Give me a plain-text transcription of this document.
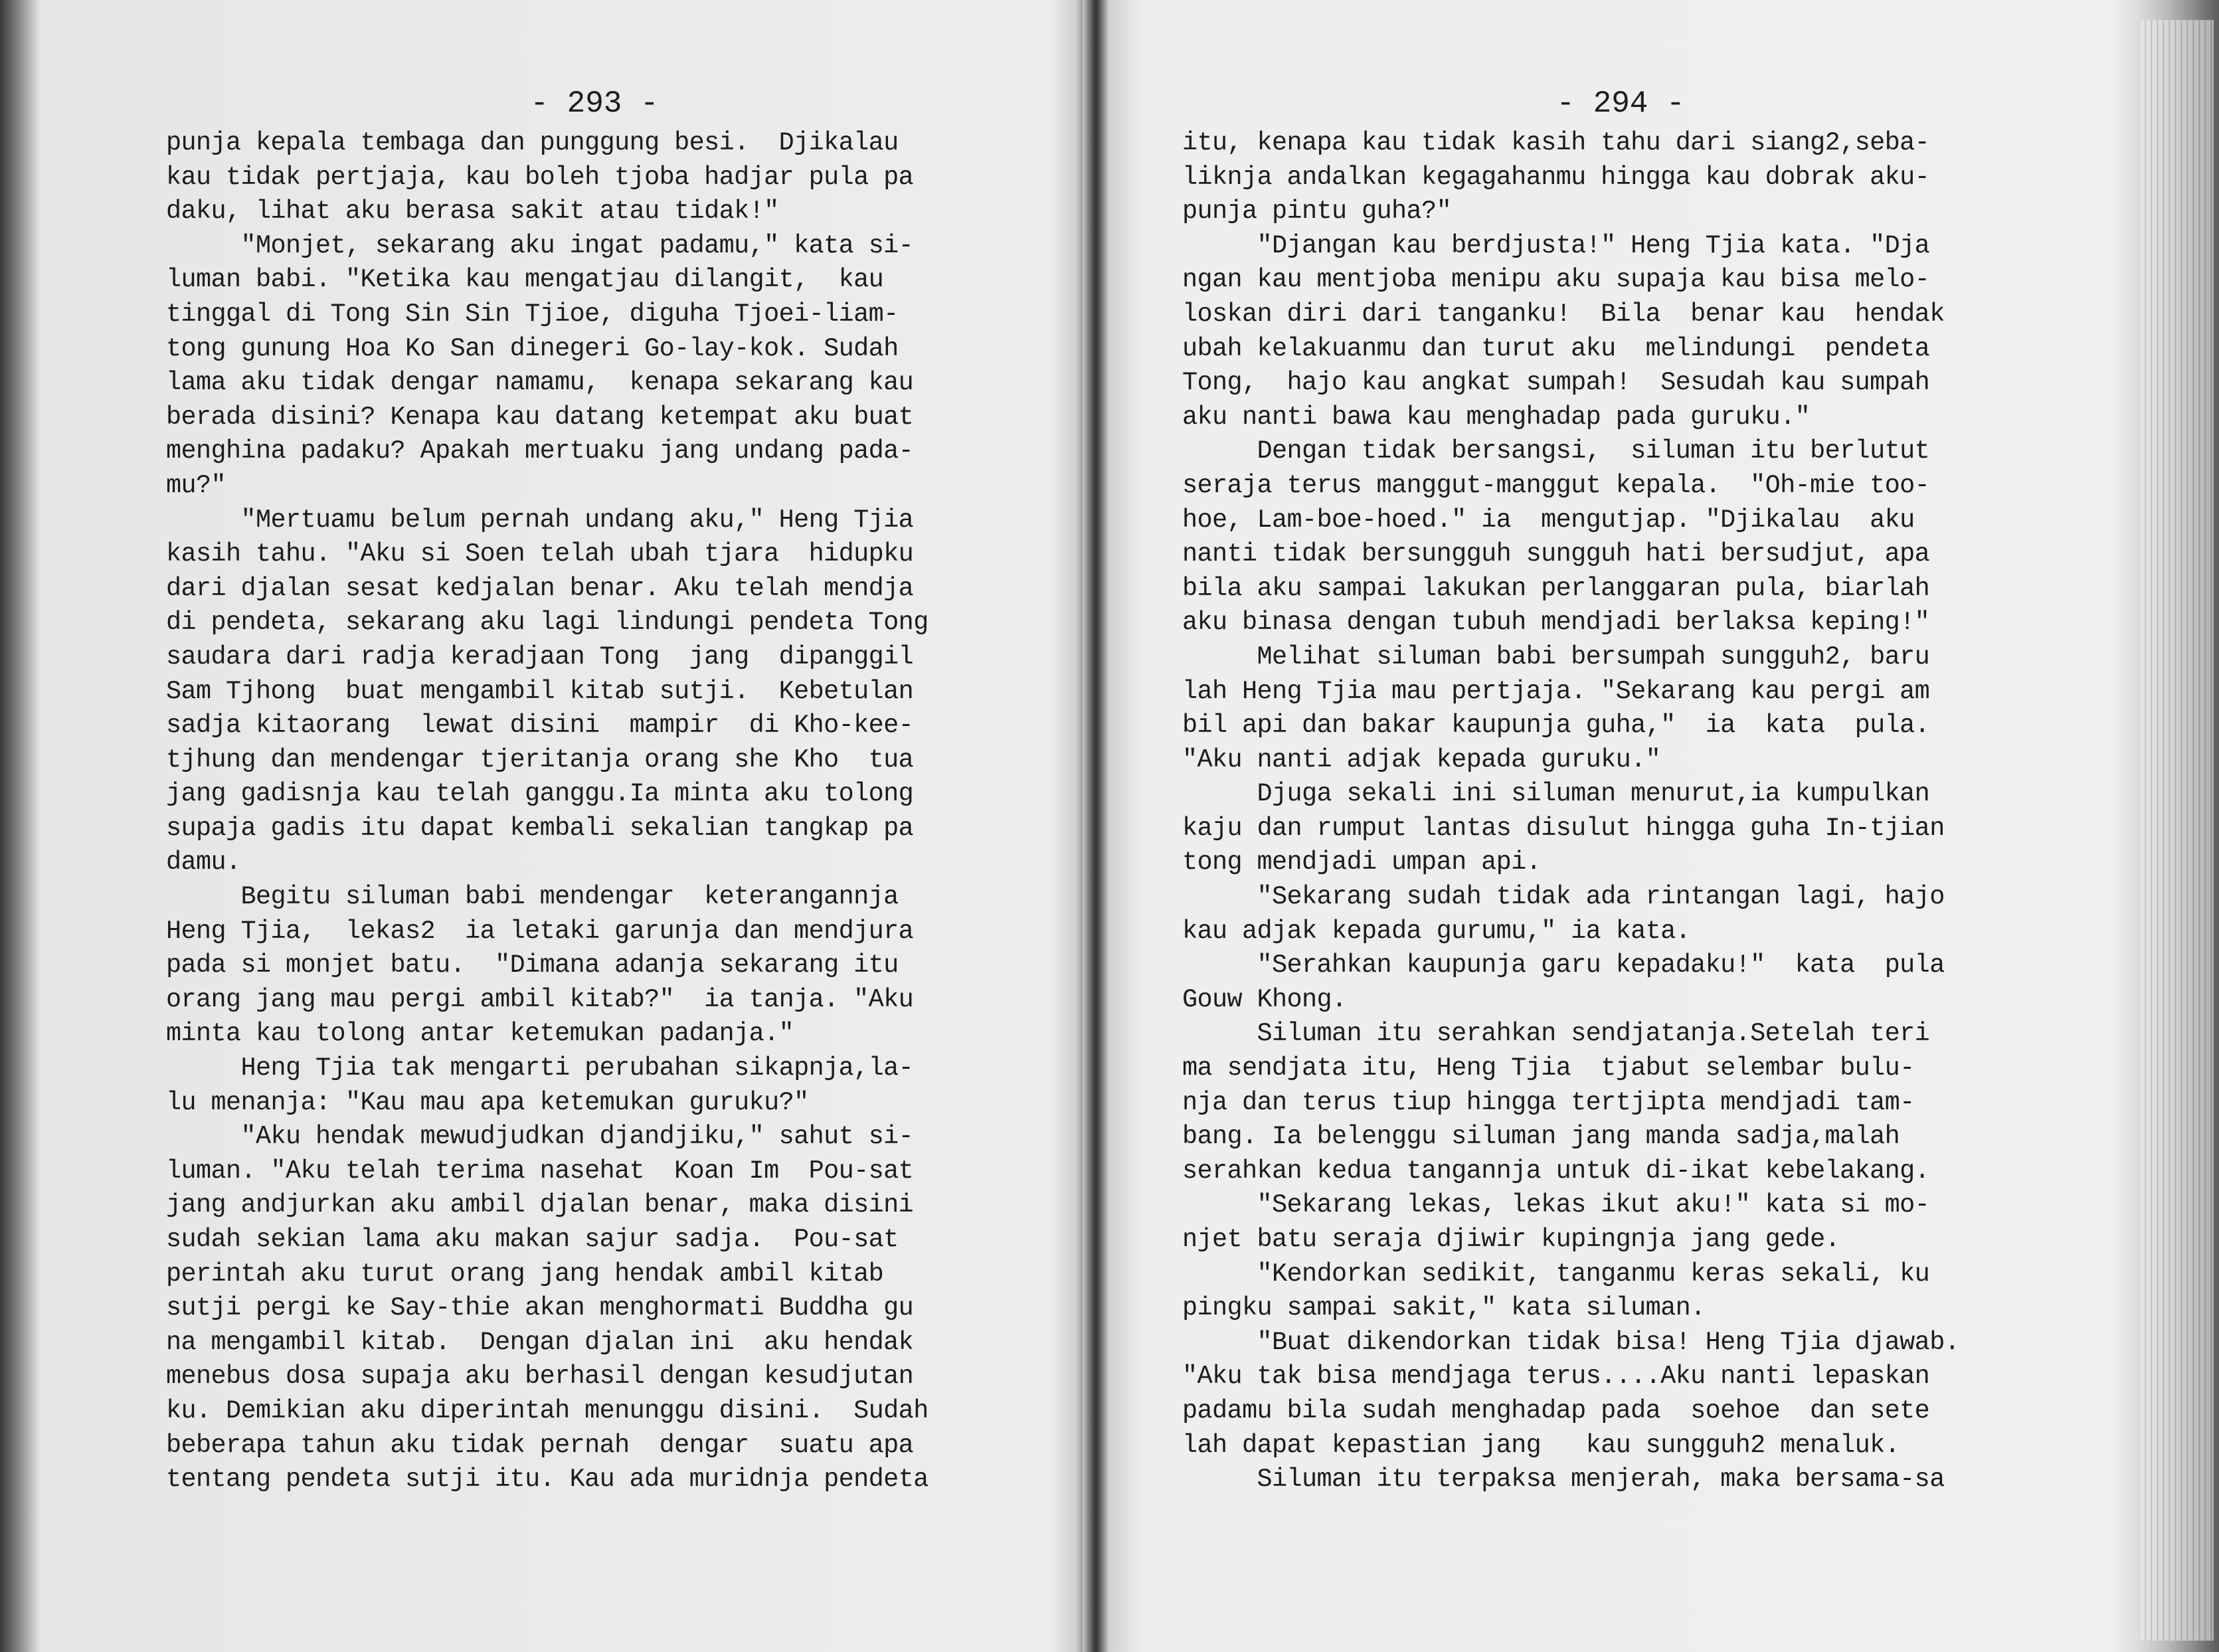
- 293 -
punja kepala tembaga dan punggung besi.  Djikalau
kau tidak pertjaja, kau boleh tjoba hadjar pula pa
daku, lihat aku berasa sakit atau tidak!"
"Monjet, sekarang aku ingat padamu," kata si-
luman babi. "Ketika kau mengatjau dilangit,  kau
tinggal di Tong Sin Sin Tjioe, diguha Tjoei-liam-
tong gunung Hoa Ko San dinegeri Go-lay-kok. Sudah
lama aku tidak dengar namamu,  kenapa sekarang kau
berada disini? Kenapa kau datang ketempat aku buat
menghina padaku? Apakah mertuaku jang undang pada-
mu?"
"Mertuamu belum pernah undang aku," Heng Tjia
kasih tahu. "Aku si Soen telah ubah tjara  hidupku
dari djalan sesat kedjalan benar. Aku telah mendja
di pendeta, sekarang aku lagi lindungi pendeta Tong
saudara dari radja keradjaan Tong  jang  dipanggil
Sam Tjhong  buat mengambil kitab sutji.  Kebetulan
sadja kitaorang  lewat disini  mampir  di Kho-kee-
tjhung dan mendengar tjeritanja orang she Kho  tua
jang gadisnja kau telah ganggu.Ia minta aku tolong
supaja gadis itu dapat kembali sekalian tangkap pa
damu.
Begitu siluman babi mendengar  keterangannja
Heng Tjia,  lekas2  ia letaki garunja dan mendjura
pada si monjet batu.  "Dimana adanja sekarang itu
orang jang mau pergi ambil kitab?"  ia tanja. "Aku
minta kau tolong antar ketemukan padanja."
Heng Tjia tak mengarti perubahan sikapnja,la-
lu menanja: "Kau mau apa ketemukan guruku?"
"Aku hendak mewudjudkan djandjiku," sahut si-
luman. "Aku telah terima nasehat  Koan Im  Pou-sat
jang andjurkan aku ambil djalan benar, maka disini
sudah sekian lama aku makan sajur sadja.  Pou-sat
perintah aku turut orang jang hendak ambil kitab
sutji pergi ke Say-thie akan menghormati Buddha gu
na mengambil kitab.  Dengan djalan ini  aku hendak
menebus dosa supaja aku berhasil dengan kesudjutan
ku. Demikian aku diperintah menunggu disini.  Sudah
beberapa tahun aku tidak pernah  dengar  suatu apa
tentang pendeta sutji itu. Kau ada muridnja pendeta
- 294 -
itu, kenapa kau tidak kasih tahu dari siang2,seba-
liknja andalkan kegagahanmu hingga kau dobrak aku-
punja pintu guha?"
"Djangan kau berdjusta!" Heng Tjia kata. "Dja
ngan kau mentjoba menipu aku supaja kau bisa melo-
loskan diri dari tanganku!  Bila  benar kau  hendak
ubah kelakuanmu dan turut aku  melindungi  pendeta
Tong,  hajo kau angkat sumpah!  Sesudah kau sumpah
aku nanti bawa kau menghadap pada guruku."
Dengan tidak bersangsi,  siluman itu berlutut
seraja terus manggut-manggut kepala.  "Oh-mie too-
hoe, Lam-boe-hoed." ia  mengutjap. "Djikalau  aku
nanti tidak bersungguh sungguh hati bersudjut, apa
bila aku sampai lakukan perlanggaran pula, biarlah
aku binasa dengan tubuh mendjadi berlaksa keping!"
Melihat siluman babi bersumpah sungguh2, baru
lah Heng Tjia mau pertjaja. "Sekarang kau pergi am
bil api dan bakar kaupunja guha,"  ia  kata  pula.
"Aku nanti adjak kepada guruku."
Djuga sekali ini siluman menurut,ia kumpulkan
kaju dan rumput lantas disulut hingga guha In-tjian
tong mendjadi umpan api.
"Sekarang sudah tidak ada rintangan lagi, hajo
kau adjak kepada gurumu," ia kata.
"Serahkan kaupunja garu kepadaku!"  kata  pula
Gouw Khong.
Siluman itu serahkan sendjatanja.Setelah teri
ma sendjata itu, Heng Tjia  tjabut selembar bulu-
nja dan terus tiup hingga tertjipta mendjadi tam-
bang. Ia belenggu siluman jang manda sadja,malah
serahkan kedua tangannja untuk di-ikat kebelakang.
"Sekarang lekas, lekas ikut aku!" kata si mo-
njet batu seraja djiwir kupingnja jang gede.
"Kendorkan sedikit, tanganmu keras sekali, ku
pingku sampai sakit," kata siluman.
"Buat dikendorkan tidak bisa! Heng Tjia djawab.
"Aku tak bisa mendjaga terus....Aku nanti lepaskan
padamu bila sudah menghadap pada  soehoe  dan sete
lah dapat kepastian jang   kau sungguh2 menaluk.
Siluman itu terpaksa menjerah, maka bersama-sa
